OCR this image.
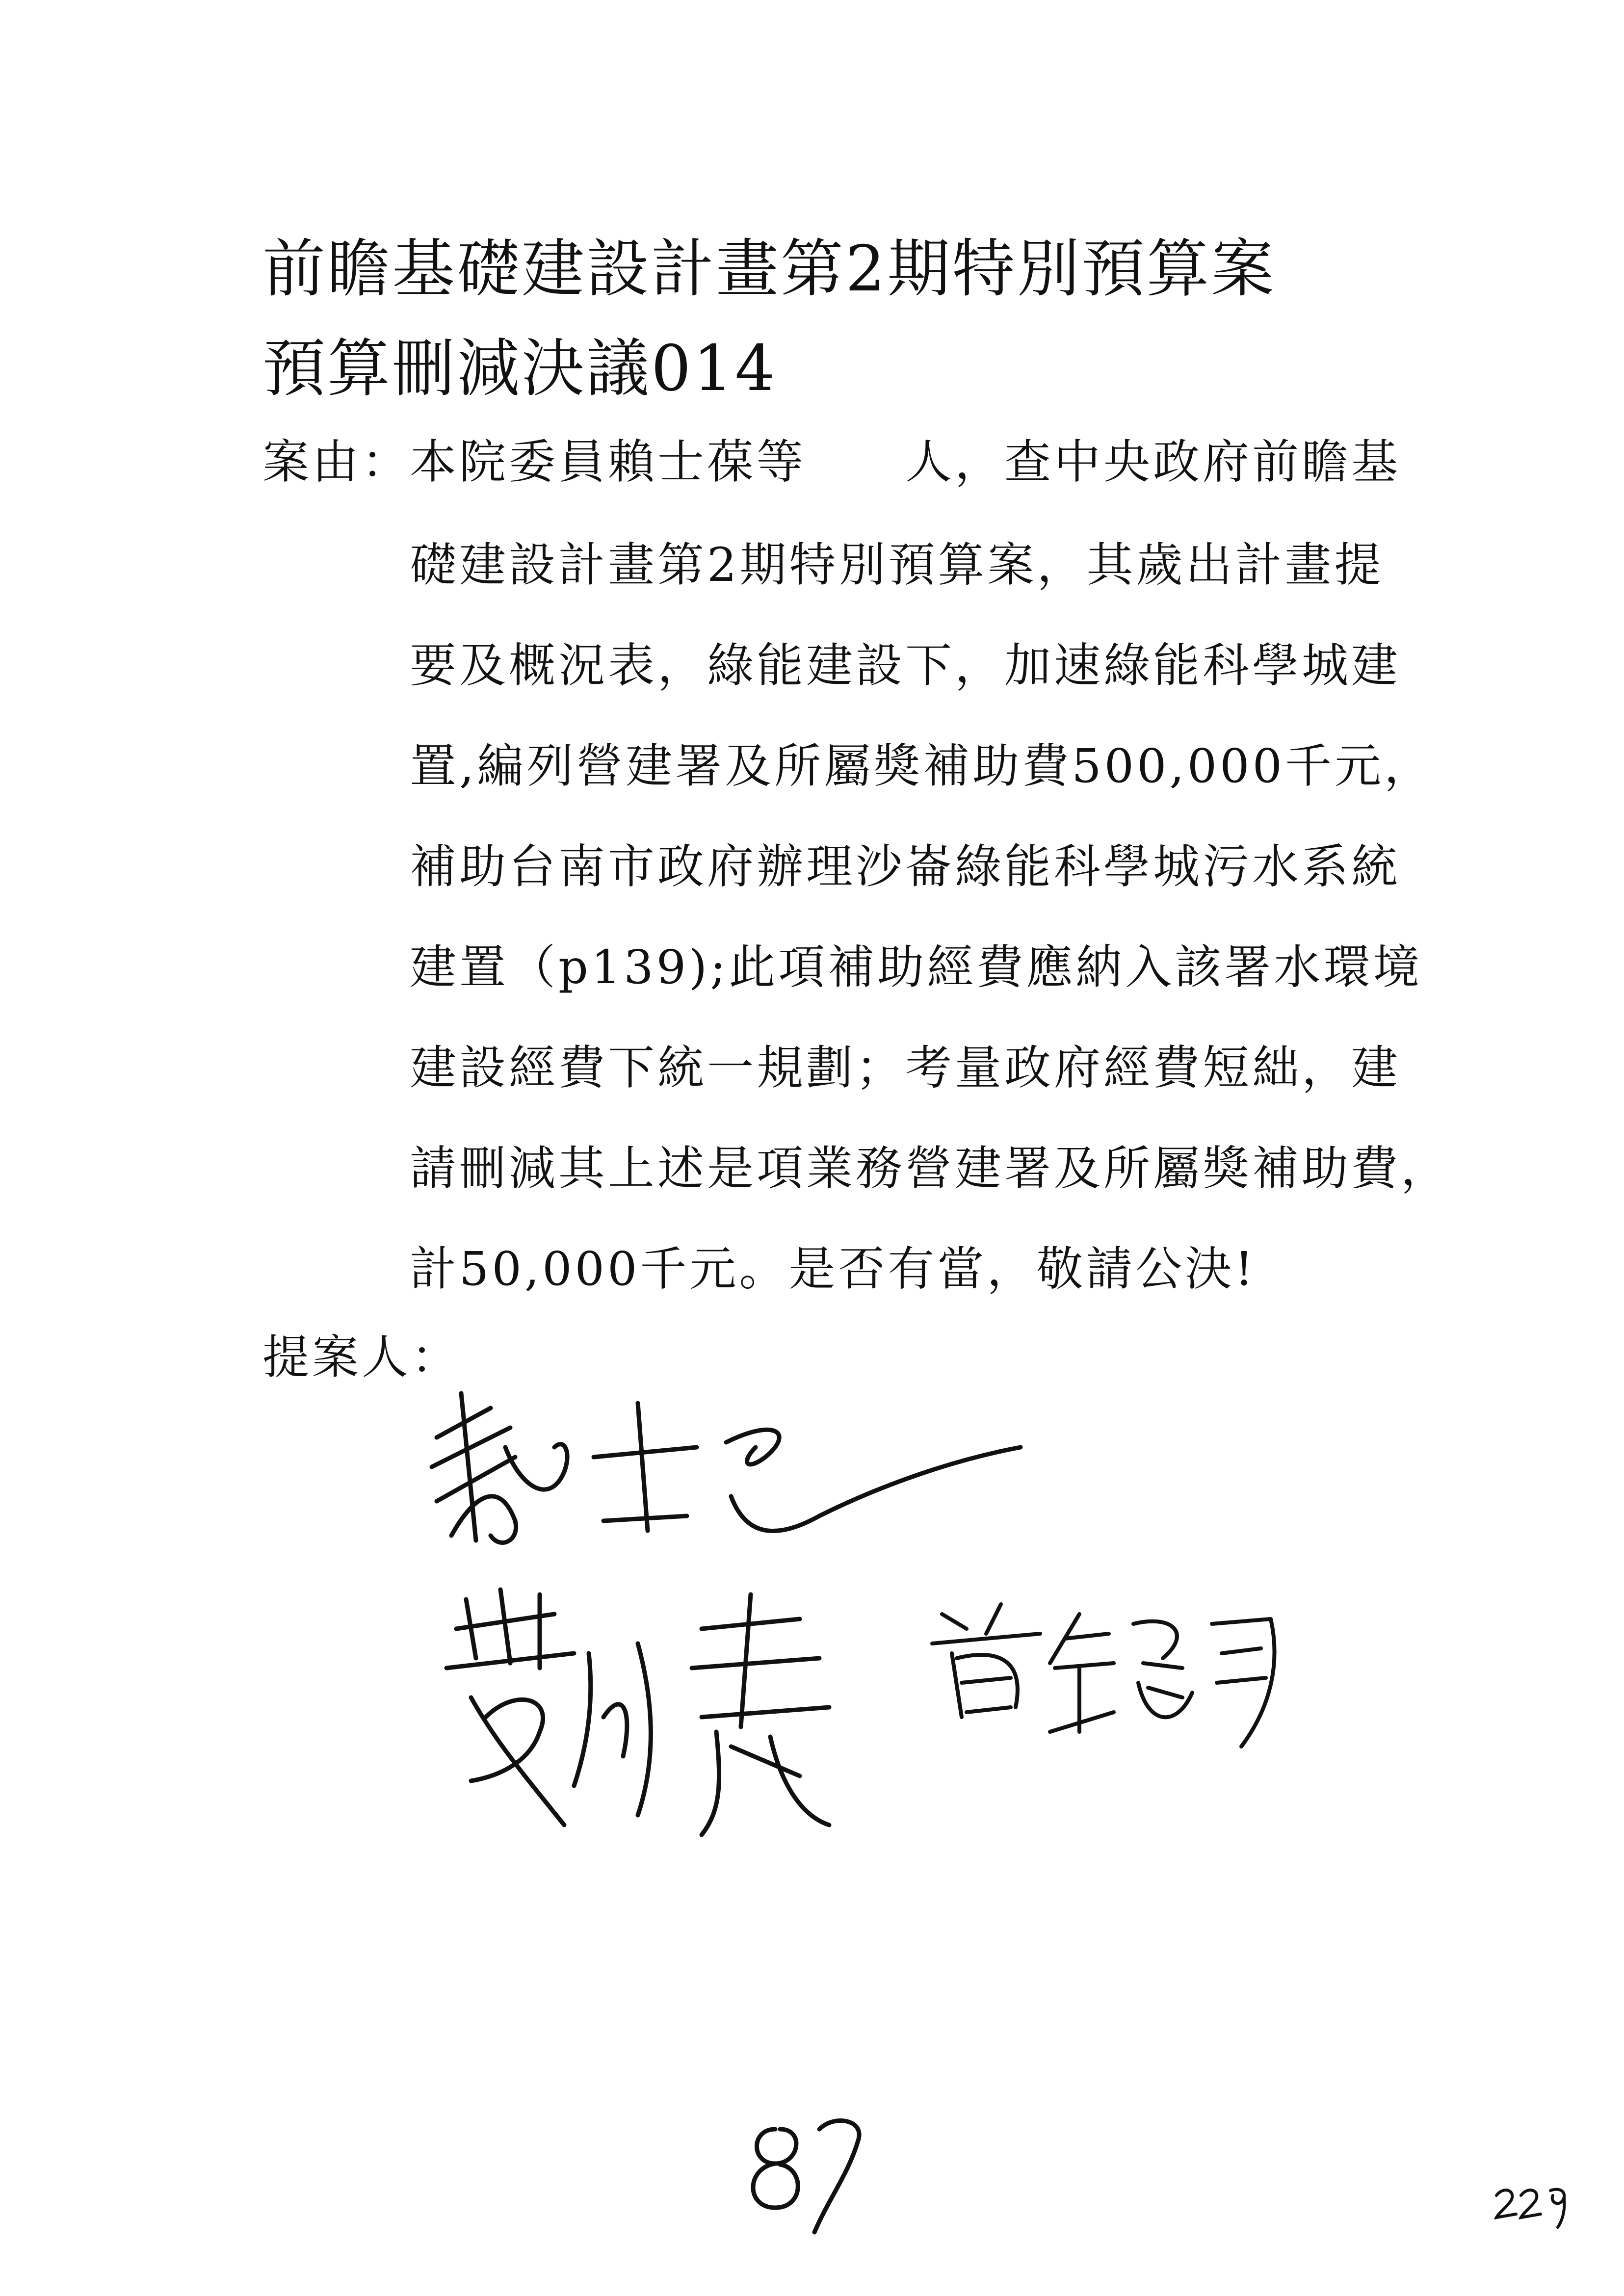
前瞻基礎建設計畫第2期特別預算案
預算刪減決議014

案由：

本院委員賴士葆等　　人，查中央政府前瞻基

礎建設計畫第2期特別預算案，其歲出計畫提

要及概況表，綠能建設下，加速綠能科學城建

置,編列營建署及所屬獎補助費500,000千元，

補助台南市政府辦理沙崙綠能科學城污水系統

建置（p139);此項補助經費應納入該署水環境

建設經費下統一規劃；考量政府經費短絀，建

請刪減其上述是項業務營建署及所屬獎補助費，

計50,000千元。是否有當，敬請公決!

提案人：
